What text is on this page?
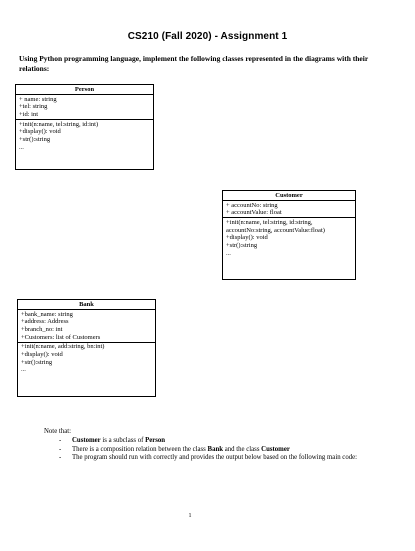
CS210 (Fall 2020) - Assignment 1
Using Python programming language, implement the following classes represented in the diagrams with their relations:
Person
+ name: string
+tel: string
+id: int
+init(n:name, tel:string, id:int)
+display(): void
+str():string
...
Customer
+ accountNo: string
+ accountValue: float
+init(n:name, tel:string, id:string, accountNo:string, accountValue:float)
+display(): void
+str():string
...
Bank
+bank_name: string
+address: Address
+branch_no: int
+Customers: list of Customers
+init(n:name, add:string, bn:int)
+display(): void
+str():string
...
Note that:
- Customer is a subclass of Person
- There is a composition relation between the class Bank and the class Customer
- The program should run with correctly and provides the output below based on the following main code:
1
